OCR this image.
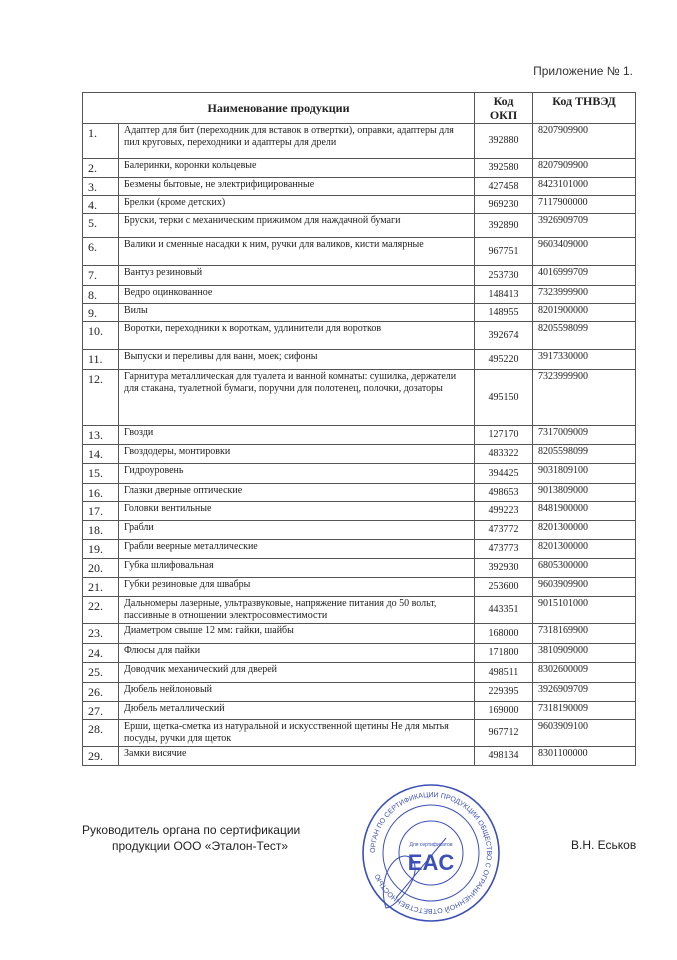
Приложение № 1.
Наименование продукции		Код ОКП	Код ТНВЭД
1.	Адаптер для бит (переходник для вставок в отвертки), оправки, адаптеры для пил круговых, переходники и адаптеры для дрели	392880	8207909900
2.	Балеринки, коронки кольцевые	392580	8207909900
3.	Безмены бытовые, не электрифицированные	427458	8423101000
4.	Брелки (кроме детских)	969230	7117900000
5.	Бруски, терки с механическим прижимом для наждачной бумаги	392890	3926909709
6.	Валики и сменные насадки к ним, ручки для валиков, кисти малярные	967751	9603409000
7.	Вантуз резиновый	253730	4016999709
8.	Ведро оцинкованное	148413	7323999900
9.	Вилы	148955	8201900000
10.	Воротки, переходники к вороткам, удлинители для воротков	392674	8205598099
11.	Выпуски и переливы для ванн, моек; сифоны	495220	3917330000
12.	Гарнитура металлическая для туалета и ванной комнаты: сушилка, держатели для стакана, туалетной бумаги, поручни для полотенец, полочки, дозаторы	495150	7323999900
13.	Гвозди	127170	7317009009
14.	Гвоздодеры, монтировки	483322	8205598099
15.	Гидроуровень	394425	9031809100
16.	Глазки дверные оптические	498653	9013809000
17.	Головки вентильные	499223	8481900000
18.	Грабли	473772	8201300000
19.	Грабли веерные металлические	473773	8201300000
20.	Губка шлифовальная	392930	6805300000
21.	Губки резиновые для швабры	253600	9603909900
22.	Дальномеры лазерные, ультразвуковые, напряжение питания до 50 вольт, пассивные в отношении электросовместимости	443351	9015101000
23.	Диаметром свыше 12 мм: гайки, шайбы	168000	7318169900
24.	Флюсы для пайки	171800	3810909000
25.	Доводчик механический для дверей	498511	8302600009
26.	Дюбель нейлоновый	229395	3926909709
27.	Дюбель металлический	169000	7318190009
28.	Ерши, щетка-сметка из натуральной и искусственной щетины Не для мытья посуды, ручки для щеток	967712	9603909100
29.	Замки висячие	498134	8301100000
Руководитель органа по сертификации
продукции ООО «Эталон-Тест»	ОРГАН ПО СЕРТИФИКАЦИИ ПРОДУКЦИИ ОБЩЕСТВО С ОГРАНИЧЕННОЙ ОТВЕТСТВЕННОСТЬЮ
Для сертификатов
EAC
В.Н. Еськов
